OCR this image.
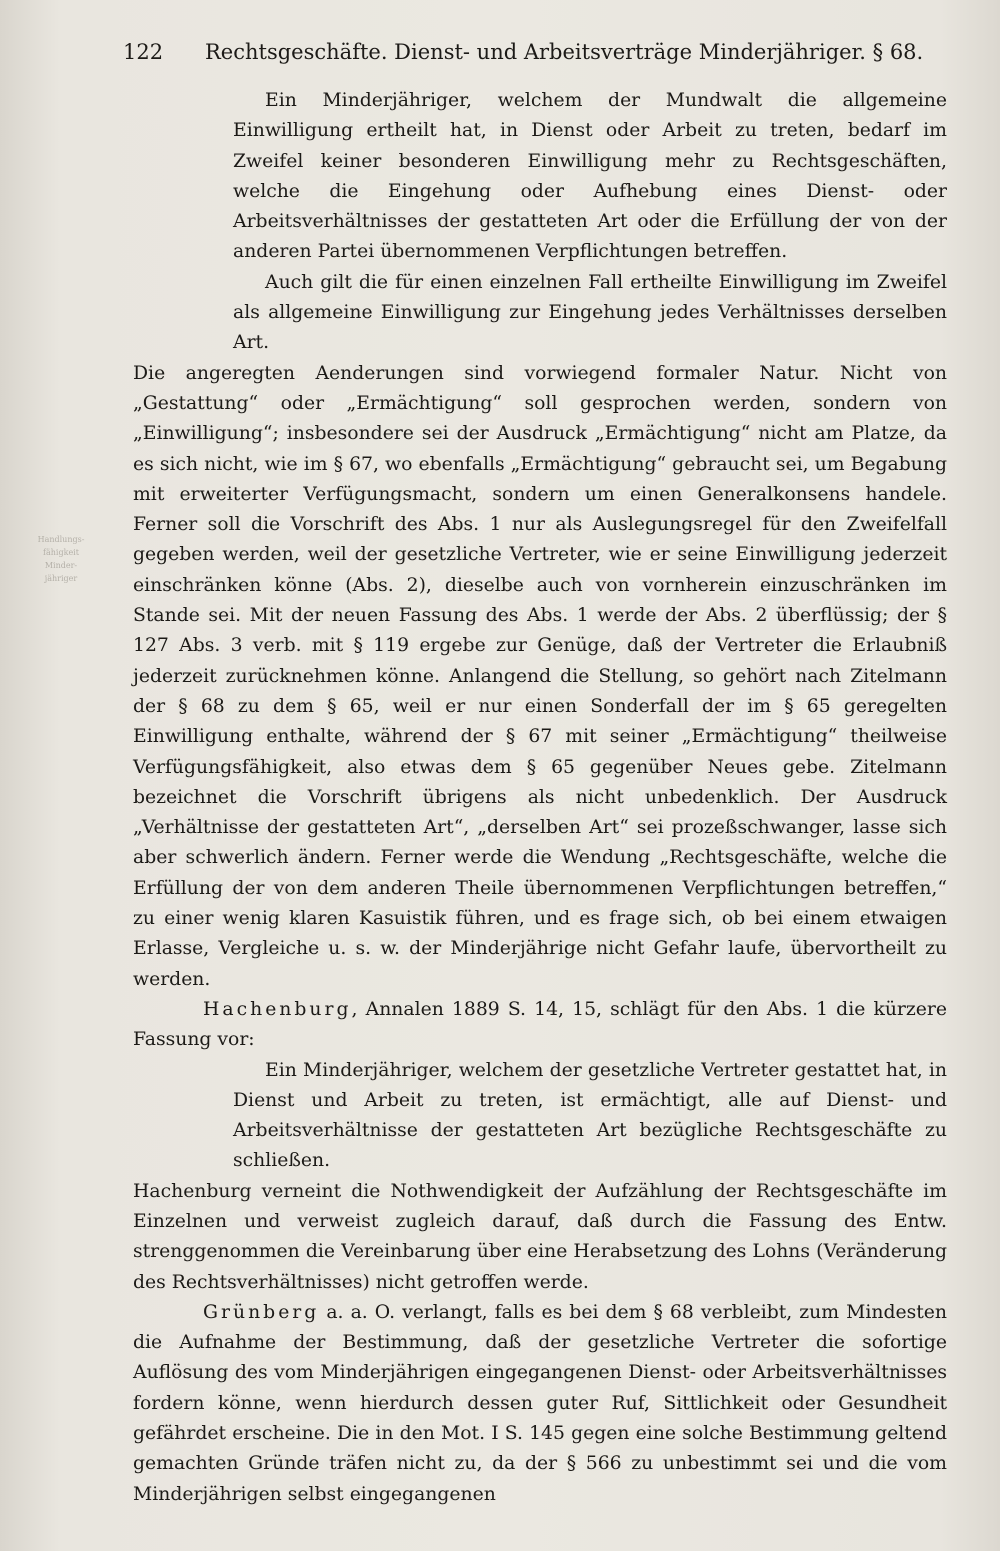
Handlungs-
fähigkeit
Minder-
jähriger
122 Rechtsgeschäfte. Dienst- und Arbeitsverträge Minderjähriger. § 68.

Ein Minderjähriger, welchem der Mundwalt die allgemeine Einwilligung ertheilt hat, in Dienst oder Arbeit zu treten, bedarf im Zweifel keiner besonderen Einwilligung mehr zu Rechtsgeschäften, welche die Eingehung oder Aufhebung eines Dienst- oder Arbeitsverhältnisses der gestatteten Art oder die Erfüllung der von der anderen Partei übernommenen Verpflichtungen betreffen.

Auch gilt die für einen einzelnen Fall ertheilte Einwilligung im Zweifel als allgemeine Einwilligung zur Eingehung jedes Verhältnisses derselben Art.

Die angeregten Aenderungen sind vorwiegend formaler Natur. Nicht von „Gestattung“ oder „Ermächtigung“ soll gesprochen werden, sondern von „Einwilligung“; insbesondere sei der Ausdruck „Ermächtigung“ nicht am Platze, da es sich nicht, wie im § 67, wo ebenfalls „Ermächtigung“ gebraucht sei, um Begabung mit erweiterter Verfügungsmacht, sondern um einen Generalkonsens handele. Ferner soll die Vorschrift des Abs. 1 nur als Auslegungsregel für den Zweifelfall gegeben werden, weil der gesetzliche Vertreter, wie er seine Einwilligung jederzeit einschränken könne (Abs. 2), dieselbe auch von vornherein einzuschränken im Stande sei. Mit der neuen Fassung des Abs. 1 werde der Abs. 2 überflüssig; der § 127 Abs. 3 verb. mit § 119 ergebe zur Genüge, daß der Vertreter die Erlaubniß jederzeit zurücknehmen könne. Anlangend die Stellung, so gehört nach Zitelmann der § 68 zu dem § 65, weil er nur einen Sonderfall der im § 65 geregelten Einwilligung enthalte, während der § 67 mit seiner „Ermächtigung“ theilweise Verfügungsfähigkeit, also etwas dem § 65 gegenüber Neues gebe. Zitelmann bezeichnet die Vorschrift übrigens als nicht unbedenklich. Der Ausdruck „Verhältnisse der gestatteten Art“, „derselben Art“ sei prozeßschwanger, lasse sich aber schwerlich ändern. Ferner werde die Wendung „Rechtsgeschäfte, welche die Erfüllung der von dem anderen Theile übernommenen Verpflichtungen betreffen,“ zu einer wenig klaren Kasuistik führen, und es frage sich, ob bei einem etwaigen Erlasse, Vergleiche u. s. w. der Minderjährige nicht Gefahr laufe, übervortheilt zu werden.

Hachenburg, Annalen 1889 S. 14, 15, schlägt für den Abs. 1 die kürzere Fassung vor:

Ein Minderjähriger, welchem der gesetzliche Vertreter gestattet hat, in Dienst und Arbeit zu treten, ist ermächtigt, alle auf Dienst- und Arbeitsverhältnisse der gestatteten Art bezügliche Rechtsgeschäfte zu schließen.

Hachenburg verneint die Nothwendigkeit der Aufzählung der Rechtsgeschäfte im Einzelnen und verweist zugleich darauf, daß durch die Fassung des Entw. strenggenommen die Vereinbarung über eine Herabsetzung des Lohns (Veränderung des Rechtsverhältnisses) nicht getroffen werde.

Grünberg a. a. O. verlangt, falls es bei dem § 68 verbleibt, zum Mindesten die Aufnahme der Bestimmung, daß der gesetzliche Vertreter die sofortige Auflösung des vom Minderjährigen eingegangenen Dienst- oder Arbeitsverhältnisses fordern könne, wenn hierdurch dessen guter Ruf, Sittlichkeit oder Gesundheit gefährdet erscheine. Die in den Mot. I S. 145 gegen eine solche Bestimmung geltend gemachten Gründe träfen nicht zu, da der § 566 zu unbestimmt sei und die vom Minderjährigen selbst eingegangenen
